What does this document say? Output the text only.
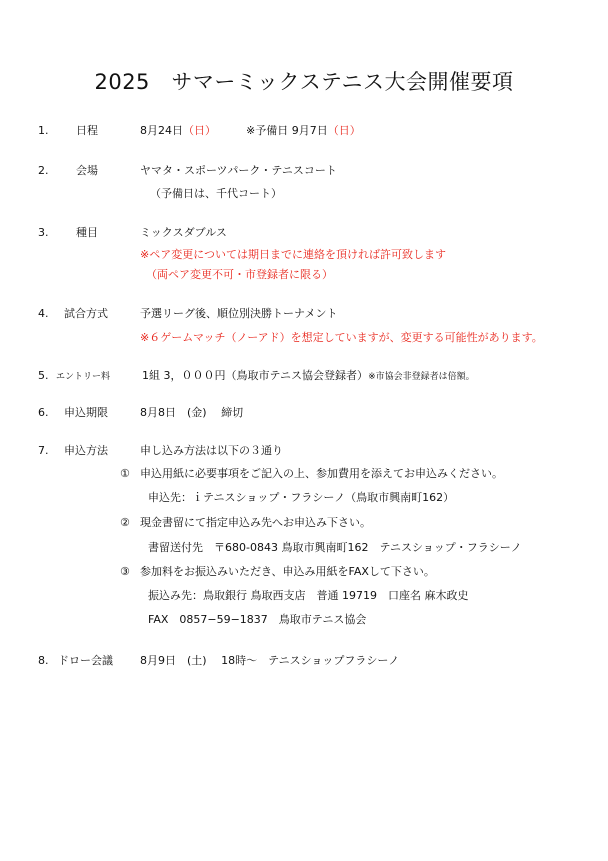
2025　サマーミックステニス大会開催要項
1.	日程	8月24日（日）	※予備日 9月7日（日）
2.	会場	ヤマタ・スポーツパーク・テニスコート
（予備日は、千代コート）
3.	種目	ミックスダブルス
※ペア変更については期日までに連絡を頂ければ許可致します
（両ペア変更不可・市登録者に限る）
4. 試合方式	予選リーグ後、順位別決勝トーナメント
※６ゲームマッチ（ノーアド）を想定していますが、変更する可能性があります。
5. エントリー料	1組 3，０００円（鳥取市テニス協会登録者）※市協会非登録者は倍額。
6. 申込期限	8月8日　(金)　 締切
7. 申込方法	申し込み方法は以下の３通り
① 申込用紙に必要事項をご記入の上、参加費用を添えてお申込みください。
申込先：ｉテニスショップ・フラシーノ（鳥取市興南町162）
② 現金書留にて指定申込み先へお申込み下さい。
書留送付先　〒680-0843 鳥取市興南町162　テニスショップ・フラシーノ
③ 参加料をお振込みいただき、申込み用紙をFAXして下さい。
振込み先：鳥取銀行 鳥取西支店　普通 19719　口座名 麻木政史
FAX　0857−59−1837　鳥取市テニス協会
8. ドロー会議 8月9日　(土)　 18時〜　テニスショップフラシーノ
